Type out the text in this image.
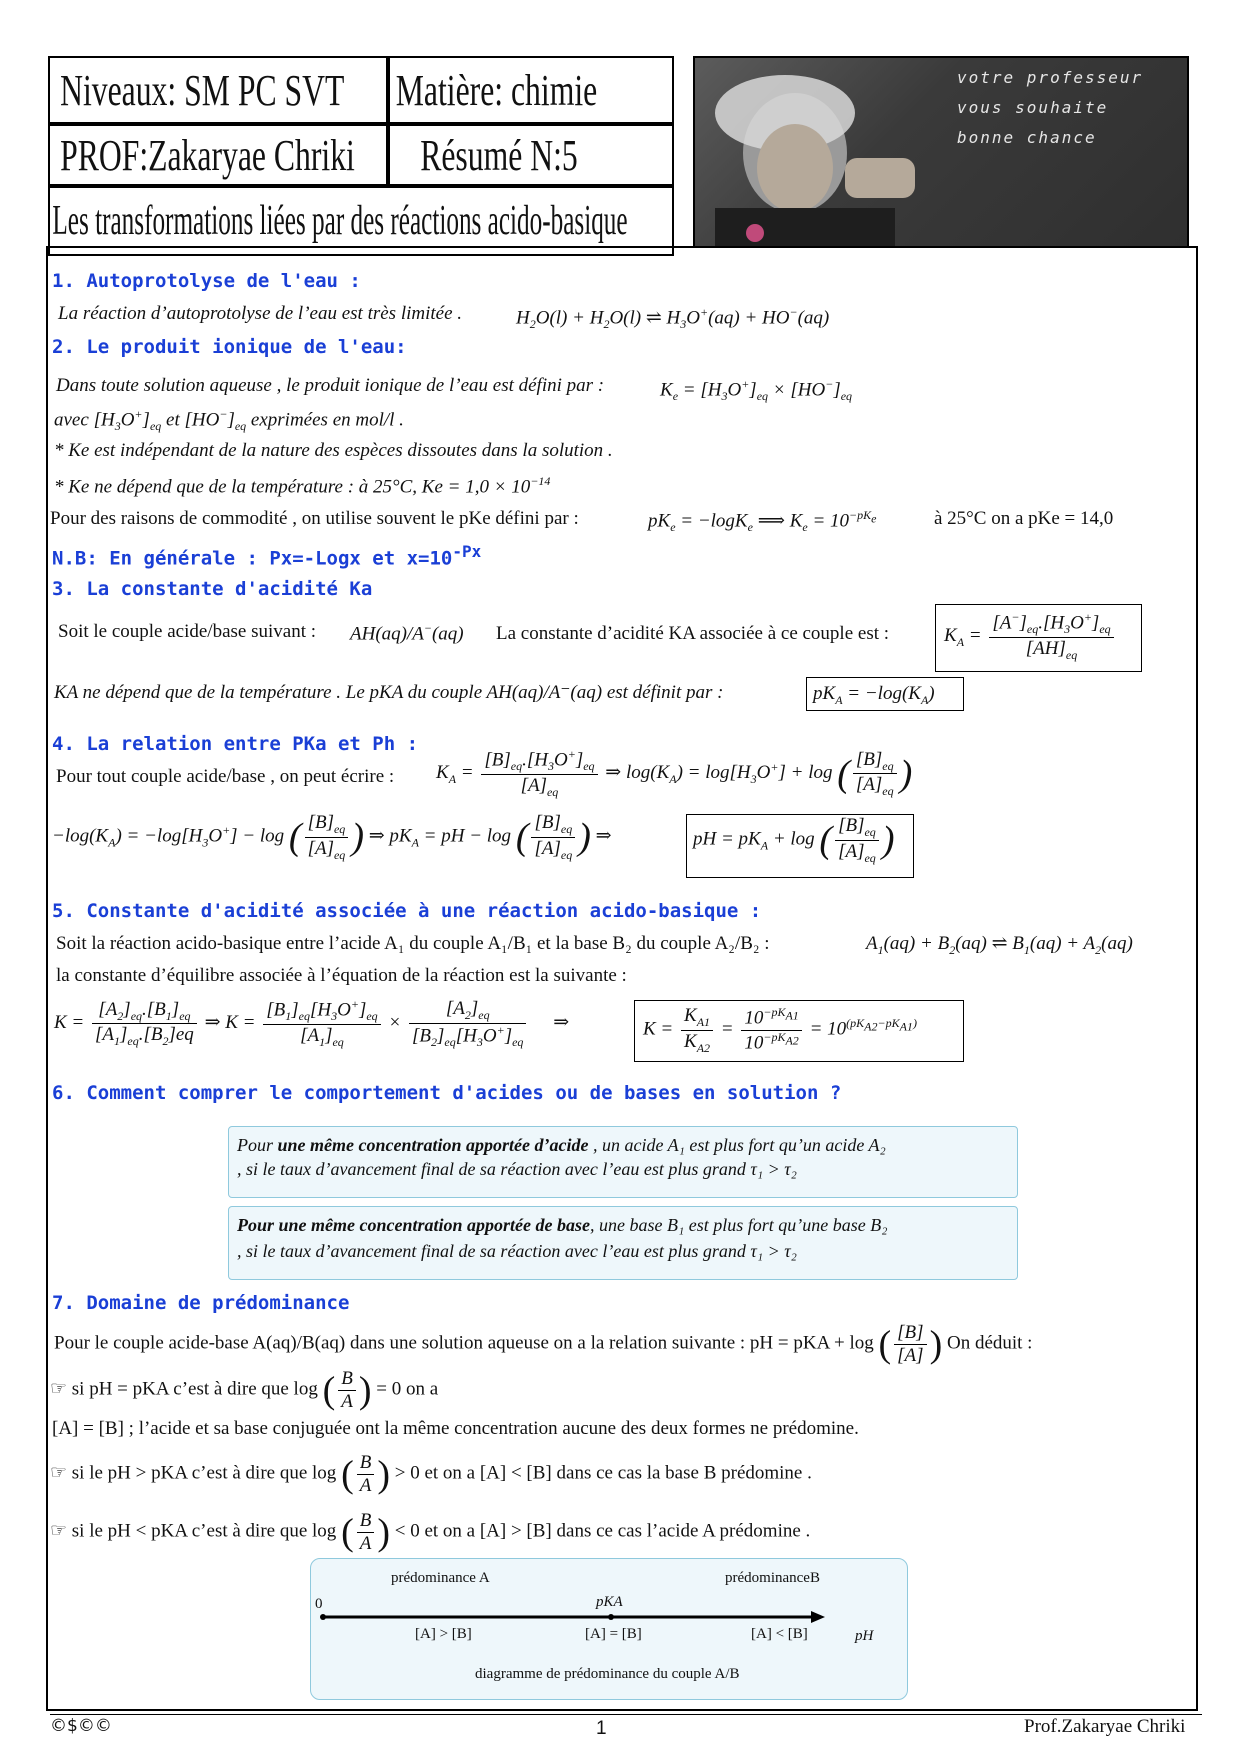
Niveaux: SM PC SVT Matière: chimie
PROF:Zakaryae Chriki	Résumé N:5
Les transformations liées par des réactions acido-basique
votre professeur
vous souhaite
bonne chance
1. Autoprotolyse de l'eau :
La réaction d’autoprotolyse de l’eau est très limitée .	$H_2O(l) + H_2O(l)$ ⇌ $H_3O^+(aq) + HO^-(aq)$
2. Le produit ionique de l'eau:
Dans toute solution aqueuse , le produit ionique de l’eau est défini par :	$K_e = [H_3O^+]_{eq} \times [HO^-]_{eq}$
avec $[H_3O^+]_{eq}$ et $[HO^-]_{eq}$ exprimées en mol/l .
* Ke est indépendant de la nature des espèces dissoutes dans la solution .
* Ke ne dépend que de la température : à 25°C, $Ke = 1,0 \times 10^{-14}$
Pour des raisons de commodité , on utilise souvent le pKe défini par :	$pK_e = -\log K_e$ ⟹ $K_e = 10^{-pK_e}$	à 25°C on a pKe = 14,0
N.B: En générale : Px=-Logx et $x=10^{-Px}$
3. La constante d'acidité Ka
Soit le couple acide/base suivant : AH(aq)/A−(aq) La constante d’acidité KA associée à ce couple est :	$K_A = \frac{[A^-]_{eq}.[H_3O^+]_{eq}}{[AH]_{eq}}$
KA ne dépend que de la température . Le pKA du couple AH(aq)/A⁻(aq) est définit par :	$pK_A = -\log(K_A)$
4. La relation entre PKa et Ph :
Pour tout couple acide/base , on peut écrire : $K_A = \frac{[B]_{eq}.[H_3O^+]_{eq}}{[A]_{eq}}$ ⇒ $\log(K_A) = \log[H_3O^+] + \log$ ( $\frac{[B]_{eq}}{[A]_{eq}}$ )
$-\log(K_A) = -\log[H_3O^+] - \log$ ( $\frac{[B]_{eq}}{[A]_{eq}}$ ) ⇒ $pK_A$ = pH − log ( $\frac{[B]_{eq}}{[A]_{eq}}$ ) ⇒	pH = $pK_A + \log$ ( $\frac{[B]_{eq}}{[A]_{eq}}$ )
5. Constante d'acidité associée à une réaction acido-basique :
Soit la réaction acido-basique entre l’acide A₁ du couple A₁/B₁ et la base B₂ du couple A₂/B₂ :	$A_1(aq) + B_2(aq)$ ⇌ $B_1(aq) + A_2(aq)$
la constante d’équilibre associée à l’équation de la réaction est la suivante :
$K = \frac{[A_2]_{eq}.[B_1]_{eq}}{[A_1]_{eq}.[B_2]eq}$ ⇒ $K = \frac{[B_1]_{eq}[H_3O^+]_{eq}}{[A_1]_{eq}} \times \frac{[A_2]_{eq}}{[B_2]_{eq}[H_3O^+]_{eq}}$ ⇒	$K = \frac{K_{A1}}{K_{A2}} = \frac{10^{-pK_{A1}}}{10^{-pK_{A2}}} = 10^{(pK_{A2}-pK_{A1})}$
6. Comment comprer le comportement d'acides ou de bases en solution ?
Pour une même concentration apportée d’acide , un acide A₁ est plus fort qu’un acide A₂
, si le taux d’avancement final de sa réaction avec l’eau est plus grand τ₁ > τ₂
Pour une même concentration apportée de base, une base B₁ est plus fort qu’une base B₂
, si le taux d’avancement final de sa réaction avec l’eau est plus grand τ₁ > τ₂
7. Domaine de prédominance
Pour le couple acide-base A(aq)/B(aq) dans une solution aqueuse on a la relation suivante : pH = pKA + log ( $\frac{[B]}{[A]}$ ) On déduit :
☞ si pH = pKA c’est à dire que log ( $\frac{B}{A}$ ) = 0 on a
[A] = [B] ; l’acide et sa base conjuguée ont la même concentration aucune des deux formes ne prédomine.
☞ si le pH > pKA c’est à dire que log ( $\frac{B}{A}$ ) > 0 et on a [A] < [B] dans ce cas la base B prédomine .
☞ si le pH < pKA c’est à dire que log ( $\frac{B}{A}$ ) < 0 et on a [A] > [B] dans ce cas l’acide A prédomine .
prédominance A	prédominanceB
0	pKA
[A] > [B]	[A] = [B]	[A] < [B]	pH
diagramme de prédominance du couple A/B
©$©©	1	Prof.Zakaryae Chriki
